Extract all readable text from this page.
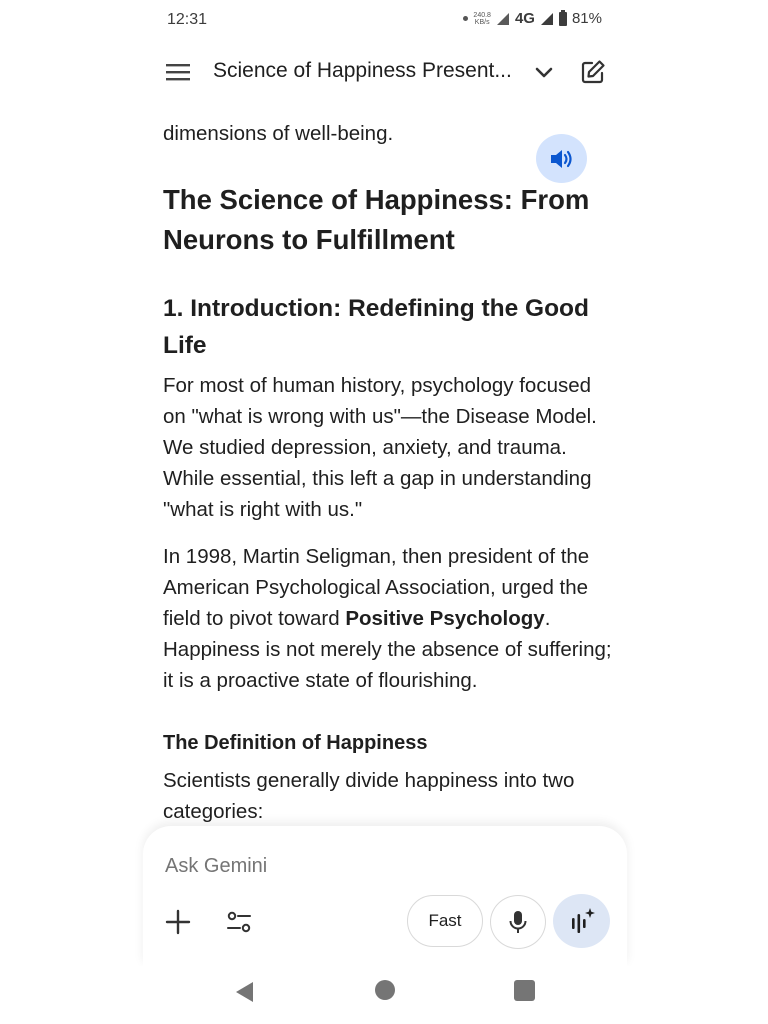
12:31	240.8
KB/s 4G 81%
Science of Happiness Present...

dimensions of well-being.

The Science of Happiness: From Neurons to Fulfillment
1. Introduction: Redefining the Good Life

For most of human history, psychology focused on "what is wrong with us"—the Disease Model. We studied depression, anxiety, and trauma. While essential, this left a gap in understanding "what is right with us."

In 1998, Martin Seligman, then president of the American Psychological Association, urged the field to pivot toward Positive Psychology. Happiness is not merely the absence of suffering; it is a proactive state of flourishing.

The Definition of Happiness

Scientists generally divide happiness into two categories:

Ask Gemini
Fast
